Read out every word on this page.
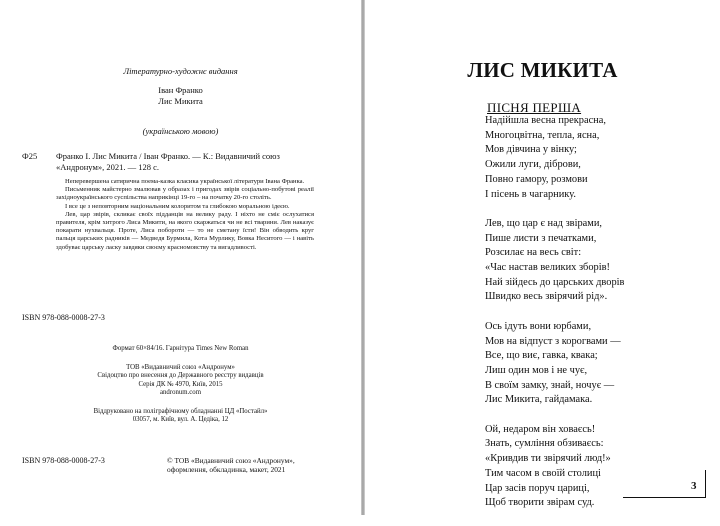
Літературно-художнє видання
Іван Франко
Лис Микита
(українською мовою)
Ф25 Франко І. Лис Микита / Іван Франко. — К.: Видавничий союз
«Андронум», 2021. — 128 с.

Неперевершена сатирична поема-казка класика української літератури Івана Франка.

Письменник майстерно змалював у образах і пригодах звірів соціально-побутові реалії західноукраїнського суспільства наприкінці 19-го – на початку 20-го століть.

І все це з неповторним національним колоритом та глибокою моральною ідеєю.

Лев, цар звірів, скликає своїх підданців на велику раду. І ніхто не сміє ослухатися правителя, крім хитрого Лиса Микити, на якого скаржаться чи не всі тварини. Лев наказує покарати нухвальця. Проте, Лиса побороти — то не сметану їсти! Він обводить круг пальця царських радників — Медведя Бурмила, Кота Мурлику, Вовка Неситого — і навіть здобуває царську ласку завдяки своєму красномовству та вигадливості.

ISBN 978-088-0008-27-3
Формат 60×84/16. Гарнітура Times New Roman
ТОВ «Видавничий союз «Андронум»
Свідоцтво про внесення до Державного реєстру видавців
Серія ДК № 4970, Київ, 2015
andronum.com
Віддруковано на поліграфічному обладнанні ЦД «Постайл»
03057, м. Київ, вул. А. Цедіка, 12
ISBN 978-088-0008-27-3	© ТОВ «Видавничий союз «Андронум»,
оформлення, обкладинка, макет, 2021
ЛИС МИКИТА
ПІСНЯ ПЕРША
Надійшла весна прекрасна,
Многоцвітна, тепла, ясна,
Мов дівчина у вінку;
Ожили луги, діброви,
Повно гамору, розмови
І пісень в чагарнику.
Лев, що цар є над звірами,
Пише листи з печатками,
Розсилає на весь світ:
«Час настав великих зборів!
Най зійдесь до царських дворів
Швидко весь звірячий рід».
Ось ідуть вони юрбами,
Мов на відпуст з корогвами —
Все, що виє, гавка, квака;
Лиш один мов і не чує,
В своїм замку, знай, ночує —
Лис Микита, гайдамака.
Ой, недаром він ховаєсь!
Знать, сумління обзиваєсь:
«Кривдив ти звірячий люд!»
Тим часом в своїй столиці
Цар засів поруч цариці,
Щоб творити звірам суд.
3
